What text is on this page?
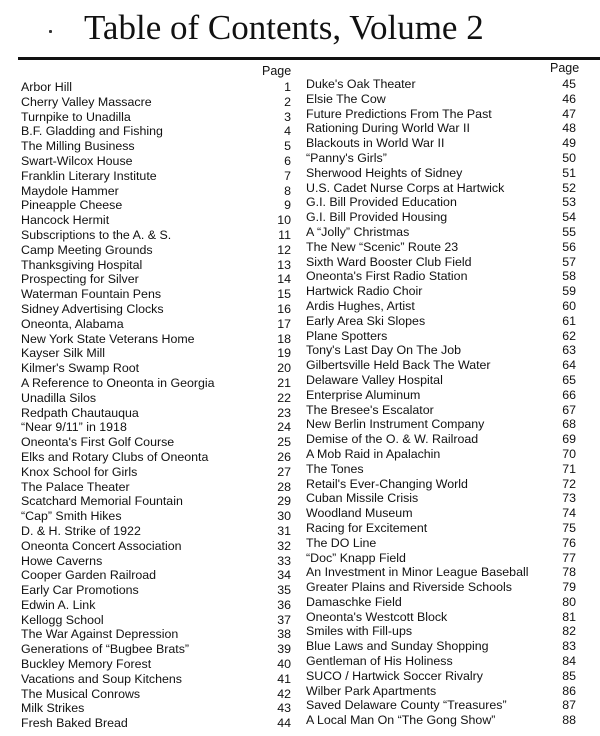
Table of Contents, Volume 2
Page	Page
Arbor Hill	1
Cherry Valley Massacre	2
Turnpike to Unadilla	3
B.F. Gladding and Fishing	4
The Milling Business	5
Swart-Wilcox House	6
Franklin Literary Institute	7
Maydole Hammer	8
Pineapple Cheese	9
Hancock Hermit	10
Subscriptions to the A. & S.	11
Camp Meeting Grounds	12
Thanksgiving Hospital	13
Prospecting for Silver	14
Waterman Fountain Pens	15
Sidney Advertising Clocks	16
Oneonta, Alabama	17
New York State Veterans Home	18
Kayser Silk Mill	19
Kilmer's Swamp Root	20
A Reference to Oneonta in Georgia	21
Unadilla Silos	22
Redpath Chautauqua	23
“Near 9/11” in 1918	24
Oneonta's First Golf Course	25
Elks and Rotary Clubs of Oneonta	26
Knox School for Girls	27
The Palace Theater	28
Scatchard Memorial Fountain	29
“Cap” Smith Hikes	30
D. & H. Strike of 1922	31
Oneonta Concert Association	32
Howe Caverns	33
Cooper Garden Railroad	34
Early Car Promotions	35
Edwin A. Link	36
Kellogg School	37
The War Against Depression	38
Generations of “Bugbee Brats”	39
Buckley Memory Forest	40
Vacations and Soup Kitchens	41
The Musical Conrows	42
Milk Strikes	43
Fresh Baked Bread	44
Duke's Oak Theater	45
Elsie The Cow	46
Future Predictions From The Past	47
Rationing During World War II	48
Blackouts in World War II	49
“Panny's Girls”	50
Sherwood Heights of Sidney	51
U.S. Cadet Nurse Corps at Hartwick	52
G.I. Bill Provided Education	53
G.I. Bill Provided Housing	54
A “Jolly” Christmas	55
The New “Scenic” Route 23	56
Sixth Ward Booster Club Field	57
Oneonta's First Radio Station	58
Hartwick Radio Choir	59
Ardis Hughes, Artist	60
Early Area Ski Slopes	61
Plane Spotters	62
Tony's Last Day On The Job	63
Gilbertsville Held Back The Water	64
Delaware Valley Hospital	65
Enterprise Aluminum	66
The Bresee's Escalator	67
New Berlin Instrument Company	68
Demise of the O. & W. Railroad	69
A Mob Raid in Apalachin	70
The Tones	71
Retail's Ever-Changing World	72
Cuban Missile Crisis	73
Woodland Museum	74
Racing for Excitement	75
The DO Line	76
“Doc” Knapp Field	77
An Investment in Minor League Baseball	78
Greater Plains and Riverside Schools	79
Damaschke Field	80
Oneonta's Westcott Block	81
Smiles with Fill-ups	82
Blue Laws and Sunday Shopping	83
Gentleman of His Holiness	84
SUCO / Hartwick Soccer Rivalry	85
Wilber Park Apartments	86
Saved Delaware County “Treasures”	87
A Local Man On “The Gong Show”	88
